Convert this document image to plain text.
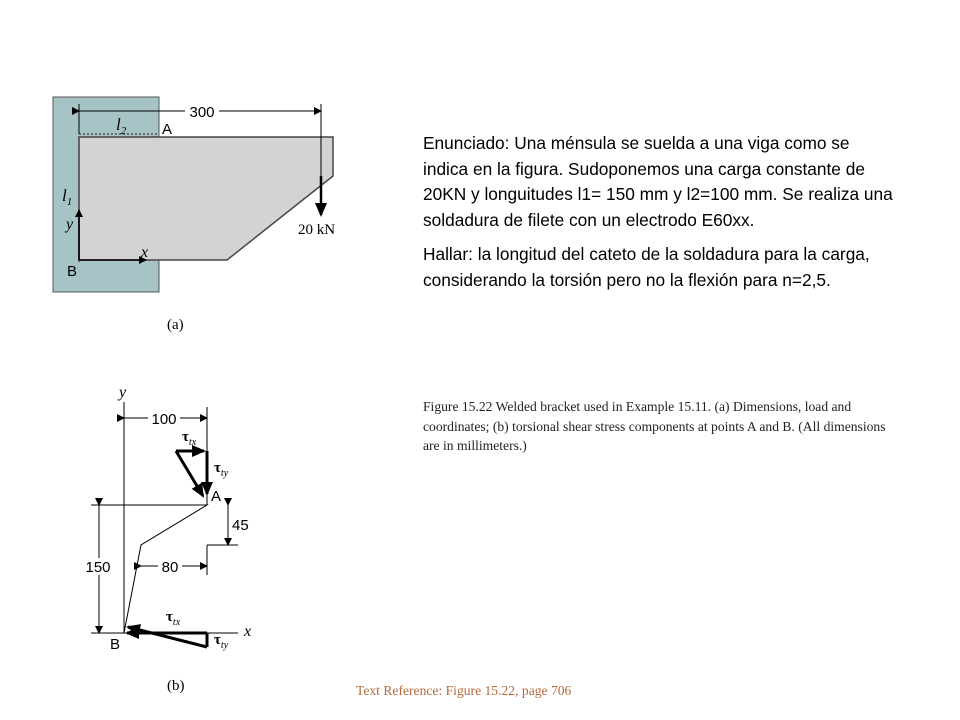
300
$l_2$
$l_1$
A
y
x
B
20 kN
(a)
y
100
45
150	80
$\tau_{tx}$
$\tau_{ty}$
A
x
$\tau_{tx}$
$\tau_{ty}$
B
(b)

Enunciado: Una ménsula se suelda a una viga como se indica en la figura. Sudoponemos una carga constante de 20KN y longuitudes l1= 150 mm y l2=100 mm. Se realiza una soldadura de filete con un electrodo E60xx.

Hallar: la longitud del cateto de la soldadura para la carga, considerando la torsión pero no la flexión para n=2,5.

Figure 15.22 Welded bracket used in Example 15.11. (a) Dimensions, load and coordinates; (b) torsional shear stress components at points A and B. (All dimensions are in millimeters.)
Text Reference: Figure 15.22, page 706
